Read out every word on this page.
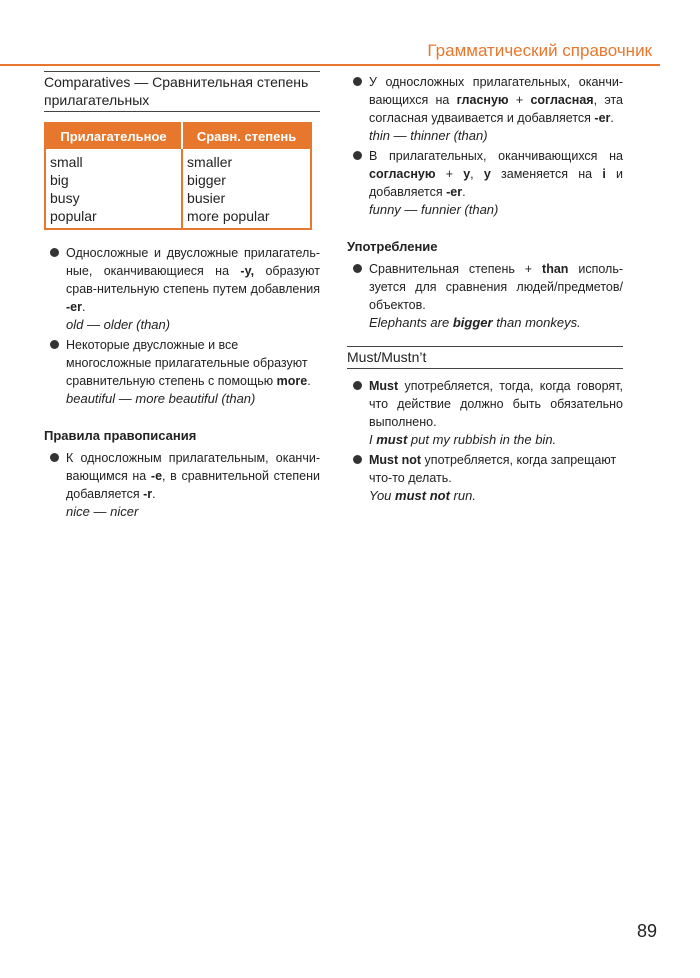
Грамматический справочник
Comparatives — Сравнительная степень прилагательных
Прилагательное	Сравн. степень
small	smaller
big	bigger
busy	busier
popular	more popular
Односложные и двусложные прилагатель-ные, оканчивающиеся на -y, образуют срав-нительную степень путем добавления -er.
old — older (than)
Некоторые двусложные и все многосложные прилагательные образуют сравнительную степень с помощью more.
beautiful — more beautiful (than)
Правила правописания
К односложным прилагательным, оканчи-вающимся на -e, в сравнительной степени добавляется -r.
nice — nicer
У односложных прилагательных, оканчи-вающихся на гласную + согласная, эта согласная удваивается и добавляется -er.
thin — thinner (than)
В прилагательных, оканчивающихся на согласную + у, у заменяется на i и добавляется -er.
funny — funnier (than)
Употребление
Сравнительная степень + than исполь-зуется для сравнения людей/предметов/объектов.
Elephants are bigger than monkeys.
Must/Mustn’t
Must употребляется, тогда, когда говорят, что действие должно быть обязательно выполнено.
I must put my rubbish in the bin.
Must not употребляется, когда запрещают что-то делать.
You must not run.
89
